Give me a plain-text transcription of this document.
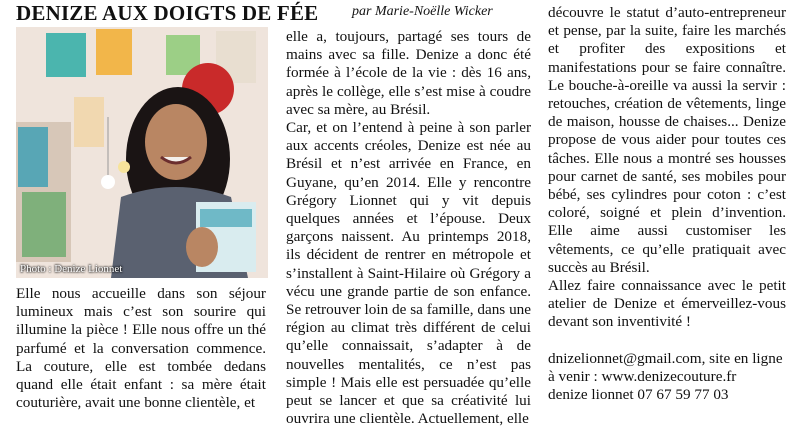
DENIZE AUX DOIGTS DE FÉE par Marie-Noëlle Wicker
Photo : Denize Lionnet

Elle nous accueille dans son séjour lumineux mais c’est son sourire qui illumine la pièce ! Elle nous offre un thé parfumé et la conversation commence. La couture, elle est tombée dedans quand elle était enfant : sa mère était couturière, avait une bonne clientèle, et

elle a, toujours, partagé ses tours de mains avec sa fille. Denize a donc été formée à l’école de la vie : dès 16 ans, après le collège, elle s’est mise à coudre avec sa mère, au Brésil.

Car, et on l’entend à peine à son parler aux accents créoles, Denize est née au Brésil et n’est arrivée en France, en Guyane, qu’en 2014. Elle y rencontre Grégory Lionnet qui y vit depuis quelques années et l’épouse. Deux garçons naissent. Au printemps 2018, ils décident de rentrer en métropole et s’installent à Saint-Hilaire où Grégory a vécu une grande partie de son enfance. Se retrouver loin de sa famille, dans une région au climat très différent de celui qu’elle connaissait, s’adapter à de nouvelles mentalités, ce n’est pas simple ! Mais elle est persuadée qu’elle peut se lancer et que sa créativité lui ouvrira une clientèle. Actuellement, elle

découvre le statut d’auto-entrepreneur et pense, par la suite, faire les marchés et profiter des expositions et manifestations pour se faire connaître. Le bouche-à-oreille va aussi la servir : retouches, création de vêtements, linge de maison, housse de chaises... Denize propose de vous aider pour toutes ces tâches. Elle nous a montré ses housses pour carnet de santé, ses mobiles pour bébé, ses cylindres pour coton : c’est coloré, soigné et plein d’invention. Elle aime aussi customiser les vêtements, ce qu’elle pratiquait avec succès au Brésil.

Allez faire connaissance avec le petit atelier de Denize et émerveillez-vous devant son inventivité !

dnizelionnet@gmail.com, site en ligne à venir : www.denizecouture.fr
denize lionnet 07 67 59 77 03
